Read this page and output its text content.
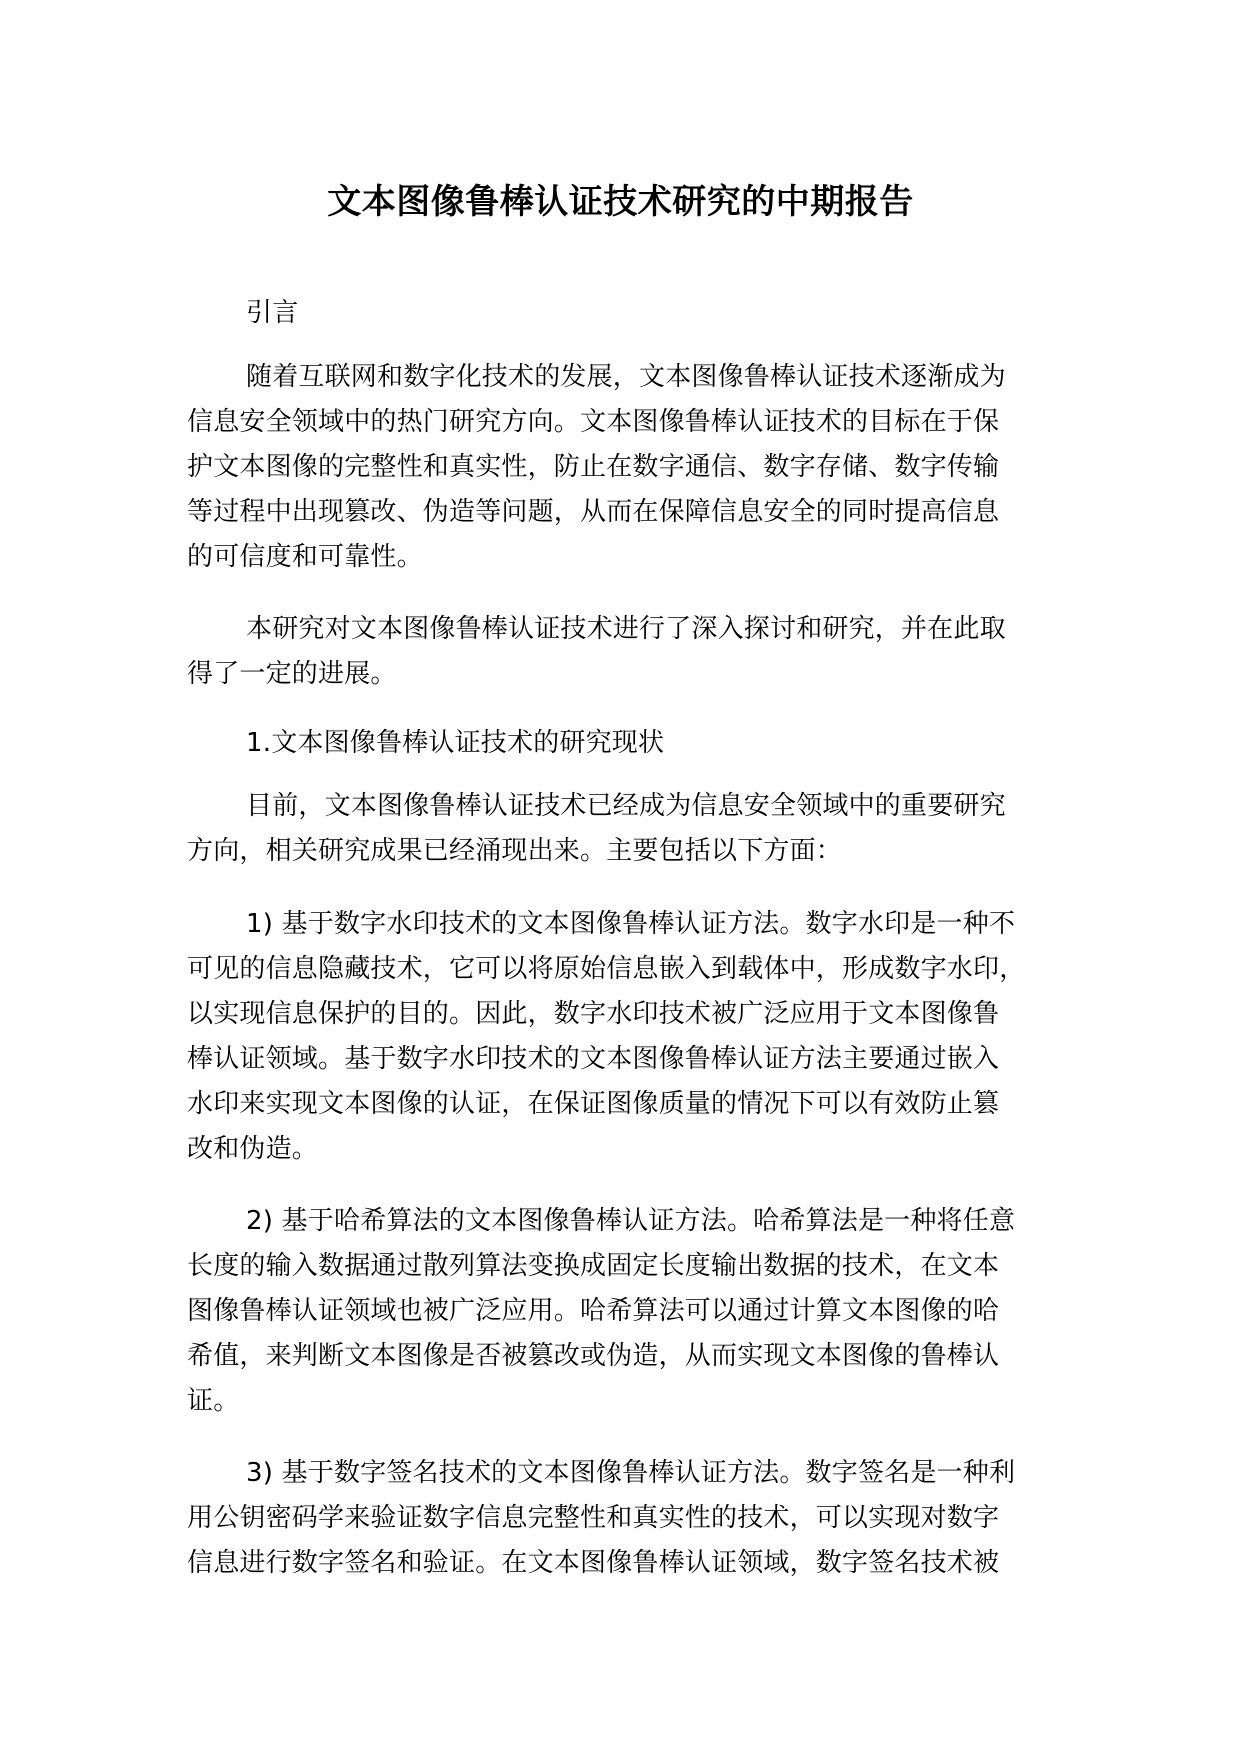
文本图像鲁棒认证技术研究的中期报告
引言
随着互联网和数字化技术的发展，文本图像鲁棒认证技术逐渐成为
信息安全领域中的热门研究方向。文本图像鲁棒认证技术的目标在于保
护文本图像的完整性和真实性，防止在数字通信、数字存储、数字传输
等过程中出现篡改、伪造等问题，从而在保障信息安全的同时提高信息
的可信度和可靠性。
本研究对文本图像鲁棒认证技术进行了深入探讨和研究，并在此取
得了一定的进展。
1.文本图像鲁棒认证技术的研究现状
目前，文本图像鲁棒认证技术已经成为信息安全领域中的重要研究
方向，相关研究成果已经涌现出来。主要包括以下方面：
1) 基于数字水印技术的文本图像鲁棒认证方法。数字水印是一种不
可见的信息隐藏技术，它可以将原始信息嵌入到载体中，形成数字水印，
以实现信息保护的目的。因此，数字水印技术被广泛应用于文本图像鲁
棒认证领域。基于数字水印技术的文本图像鲁棒认证方法主要通过嵌入
水印来实现文本图像的认证，在保证图像质量的情况下可以有效防止篡
改和伪造。
2) 基于哈希算法的文本图像鲁棒认证方法。哈希算法是一种将任意
长度的输入数据通过散列算法变换成固定长度输出数据的技术，在文本
图像鲁棒认证领域也被广泛应用。哈希算法可以通过计算文本图像的哈
希值，来判断文本图像是否被篡改或伪造，从而实现文本图像的鲁棒认
证。
3) 基于数字签名技术的文本图像鲁棒认证方法。数字签名是一种利
用公钥密码学来验证数字信息完整性和真实性的技术，可以实现对数字
信息进行数字签名和验证。在文本图像鲁棒认证领域，数字签名技术被
